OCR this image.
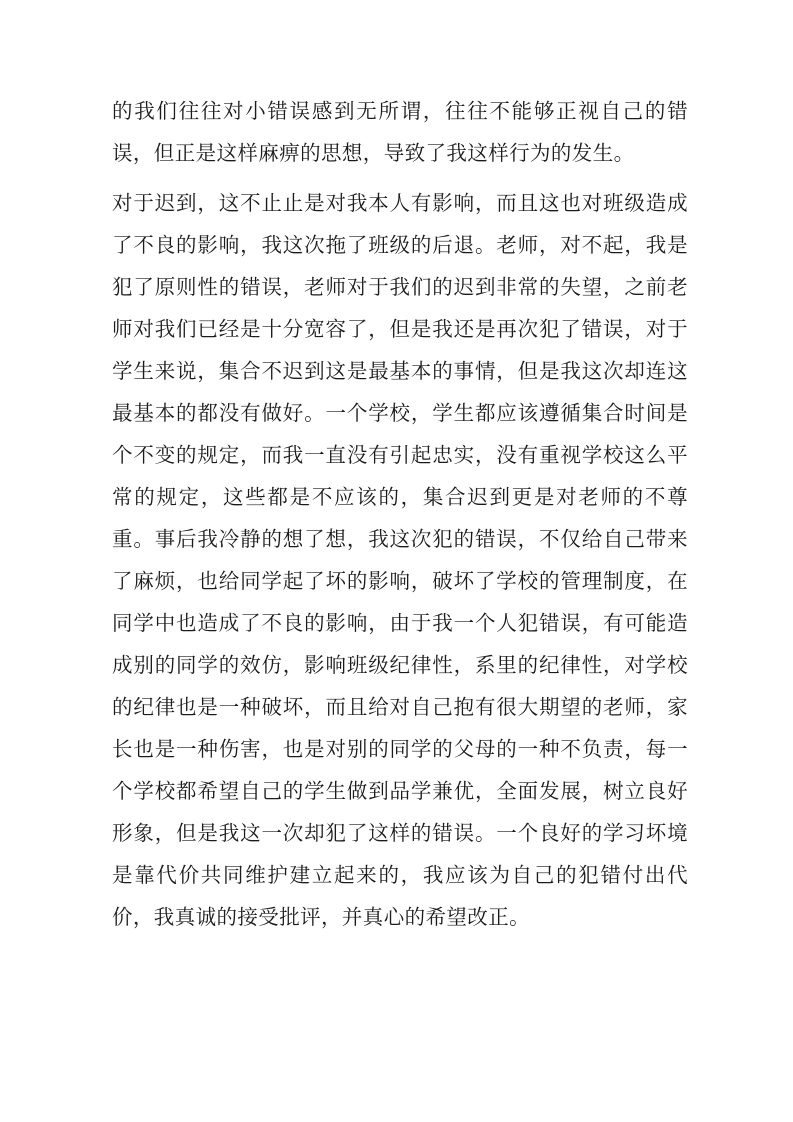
的我们往往对小错误感到无所谓，往往不能够正视自己的错误，但正是这样麻痹的思想，导致了我这样行为的发生。

对于迟到，这不止止是对我本人有影响，而且这也对班级造成了不良的影响，我这次拖了班级的后退。老师，对不起，我是犯了原则性的错误，老师对于我们的迟到非常的失望，之前老师对我们已经是十分宽容了，但是我还是再次犯了错误，对于学生来说，集合不迟到这是最基本的事情，但是我这次却连这最基本的都没有做好。一个学校，学生都应该遵循集合时间是个不变的规定，而我一直没有引起忠实，没有重视学校这么平常的规定，这些都是不应该的，集合迟到更是对老师的不尊重。事后我冷静的想了想，我这次犯的错误，不仅给自己带来了麻烦，也给同学起了坏的影响，破坏了学校的管理制度，在同学中也造成了不良的影响，由于我一个人犯错误，有可能造成别的同学的效仿，影响班级纪律性，系里的纪律性，对学校的纪律也是一种破坏，而且给对自己抱有很大期望的老师，家长也是一种伤害，也是对别的同学的父母的一种不负责，每一个学校都希望自己的学生做到品学兼优，全面发展，树立良好形象，但是我这一次却犯了这样的错误。一个良好的学习坏境是靠代价共同维护建立起来的，我应该为自己的犯错付出代价，我真诚的接受批评，并真心的希望改正。
